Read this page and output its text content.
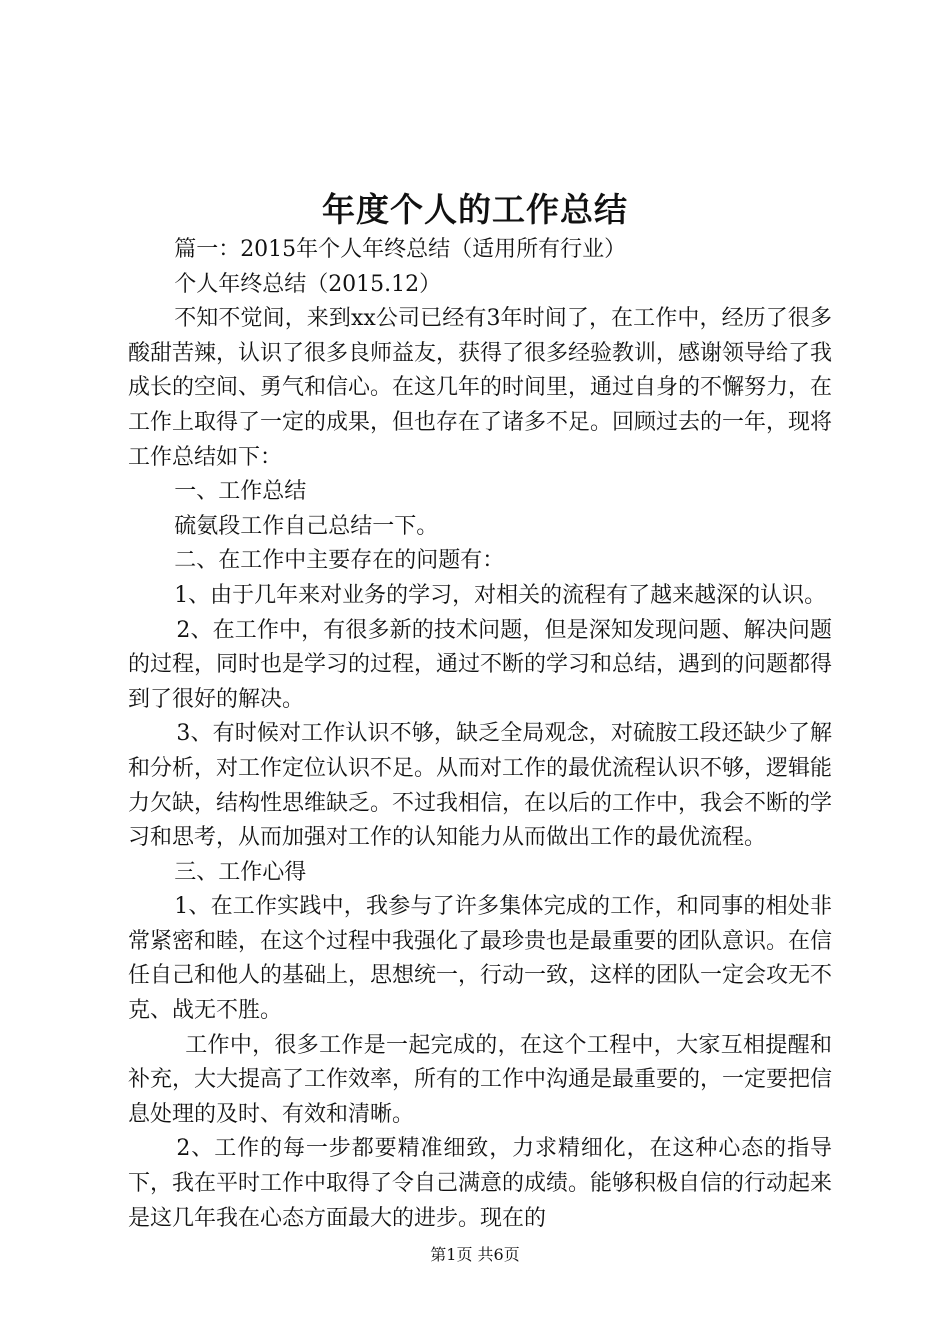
年度个人的工作总结

篇一：2015年个人年终总结（适用所有行业）

个人年终总结（2015.12）

不知不觉间，来到xx公司已经有3年时间了，在工作中，经历了很多酸甜苦辣，认识了很多良师益友，获得了很多经验教训，感谢领导给了我成长的空间、勇气和信心。在这几年的时间里，通过自身的不懈努力，在工作上取得了一定的成果，但也存在了诸多不足。回顾过去的一年，现将工作总结如下：

一、工作总结

硫氨段工作自己总结一下。

二、在工作中主要存在的问题有：

1、由于几年来对业务的学习，对相关的流程有了越来越深的认识。

2、在工作中，有很多新的技术问题，但是深知发现问题、解决问题的过程，同时也是学习的过程，通过不断的学习和总结，遇到的问题都得到了很好的解决。

3、有时候对工作认识不够，缺乏全局观念，对硫胺工段还缺少了解和分析，对工作定位认识不足。从而对工作的最优流程认识不够，逻辑能力欠缺，结构性思维缺乏。不过我相信，在以后的工作中，我会不断的学习和思考，从而加强对工作的认知能力从而做出工作的最优流程。

三、工作心得

1、在工作实践中，我参与了许多集体完成的工作，和同事的相处非常紧密和睦，在这个过程中我强化了最珍贵也是最重要的团队意识。在信任自己和他人的基础上，思想统一，行动一致，这样的团队一定会攻无不克、战无不胜。

工作中，很多工作是一起完成的，在这个工程中，大家互相提醒和补充，大大提高了工作效率，所有的工作中沟通是最重要的，一定要把信息处理的及时、有效和清晰。

2、工作的每一步都要精准细致，力求精细化，在这种心态的指导下，我在平时工作中取得了令自己满意的成绩。能够积极自信的行动起来是这几年我在心态方面最大的进步。现在的

第1页 共6页
